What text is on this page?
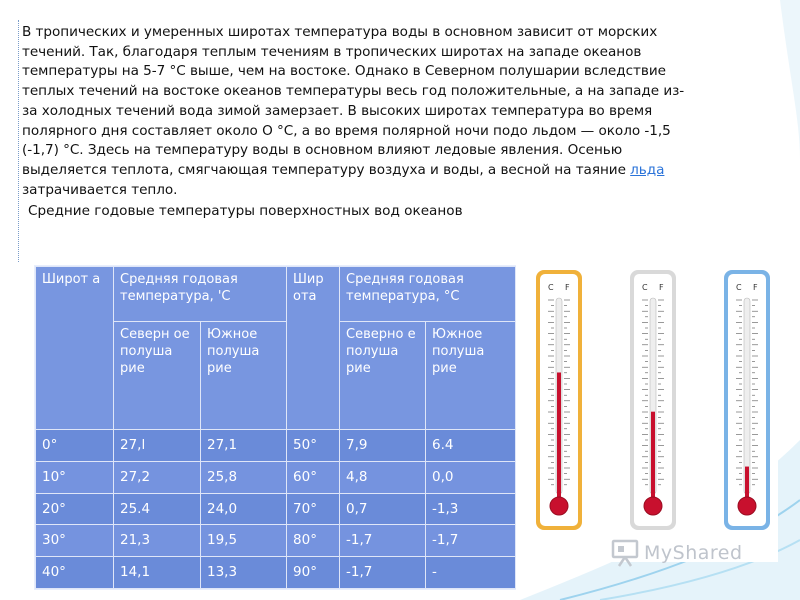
В тропических и умеренных широтах температура воды в основном зависит от морских течений. Так, благодаря теплым течениям в тропических широтах на западе океанов температуры на 5-7 °С выше, чем на востоке. Однако в Северном полушарии вследствие теплых течений на востоке океанов температуры весь год положительные, а на западе из-за холодных течений вода зимой замерзает. В высоких широтах температура во время полярного дня составляет около О °С, а во время полярной ночи подо льдом — около -1,5 (-1,7) °С. Здесь на температуру воды в основном влияют ледовые явления. Осенью выделяется теплота, смягчающая температуру воздуха и воды, а весной на таяние льда затрачивается тепло.

Средние годовые температуры поверхностных вод океанов
Широт а	Средняя годовая температура, 'С		Шир ота	Средняя годовая температура, °С	
	Северн ое полуша рие	Южное полуша рие		Северно е полуша рие	Южное полуша рие
0°	27,l	27,1	50°	7,9	6.4
10°	27,2	25,8	60°	4,8	0,0
20°	25.4	24,0	70°	0,7	-1,3
30°	21,3	19,5	80°	-1,7	-1,7
40°	14,1	13,3	90°	-1,7	-
C F	C F	C F
MyShared
